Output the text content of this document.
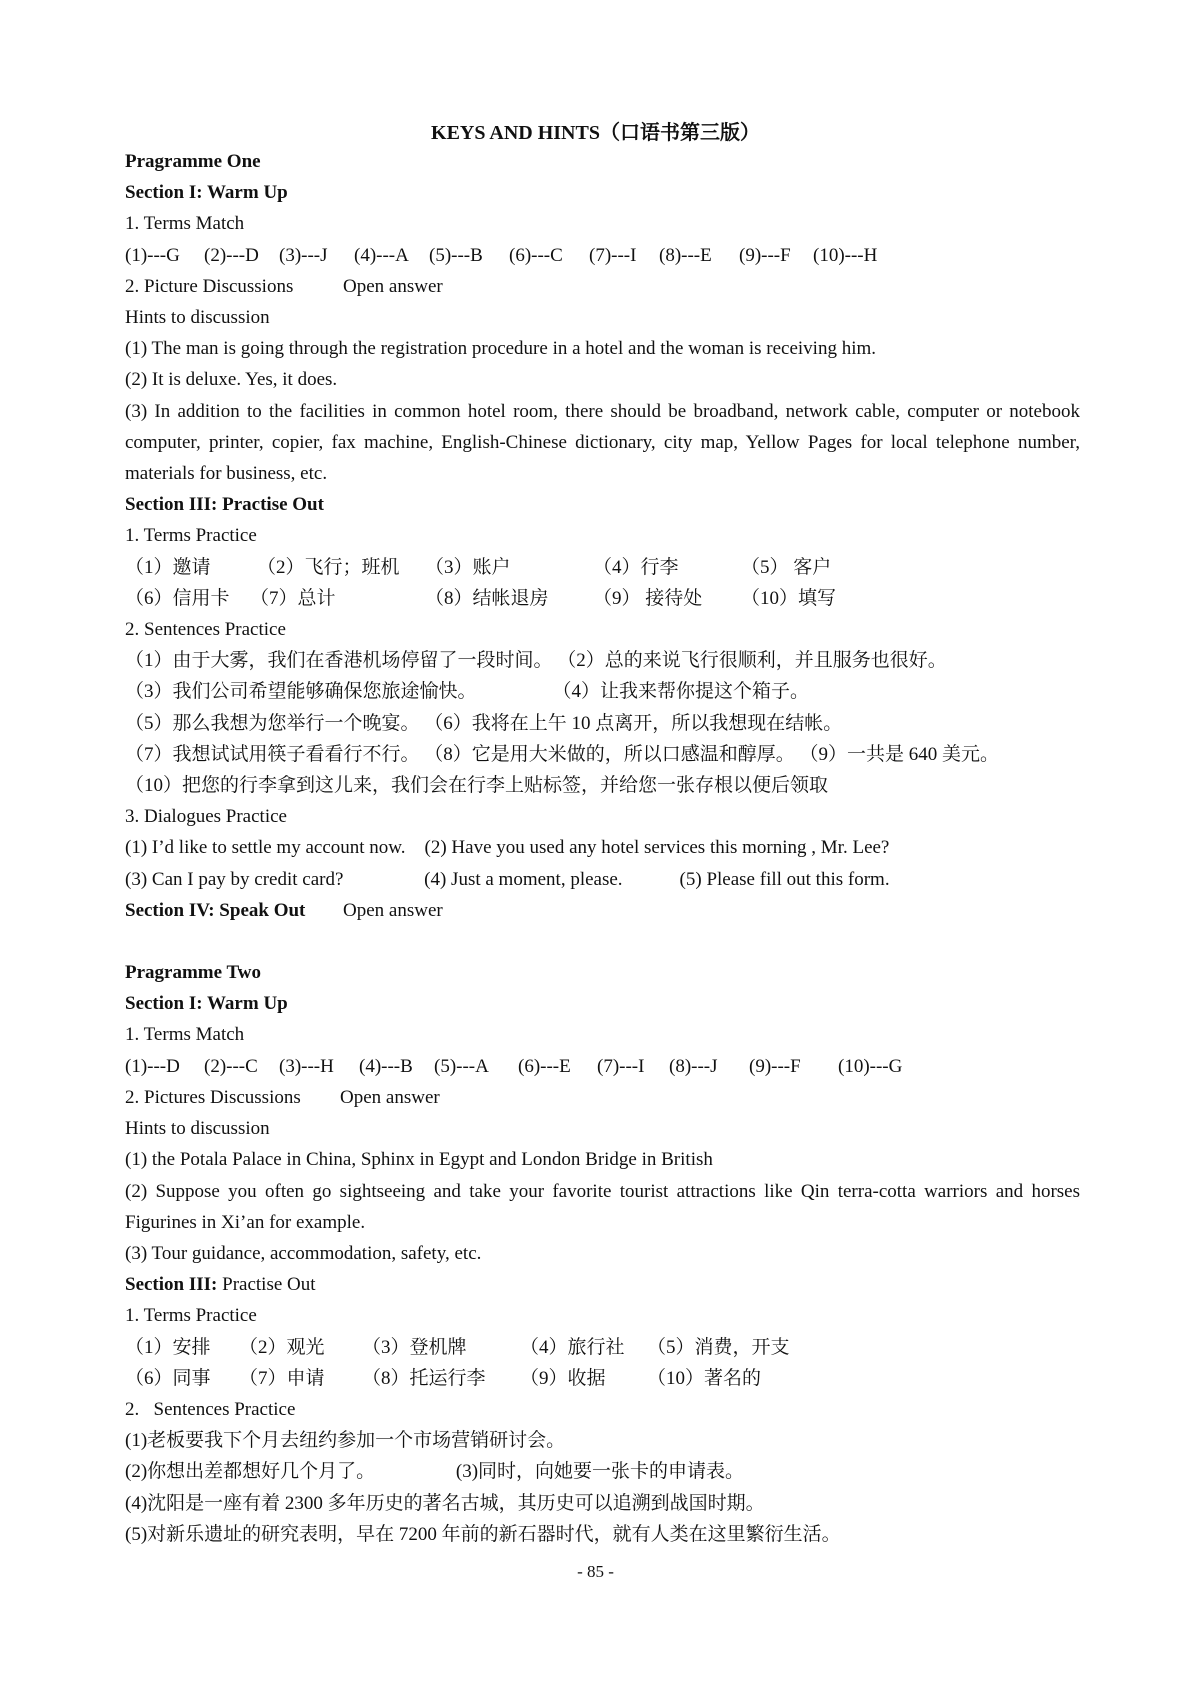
KEYS AND HINTS（口语书第三版）
Pragramme One
Section I: Warm Up
1. Terms Match
(1)---G	(2)---D	(3)---J	(4)---A	(5)---B	(6)---C	(7)---I	(8)---E	(9)---F	(10)---H
2. Picture Discussions	Open answer
Hints to discussion
(1) The man is going through the registration procedure in a hotel and the woman is receiving him.
(2) It is deluxe. Yes, it does.
(3) In addition to the facilities in common hotel room, there should be broadband, network cable, computer or notebook computer, printer, copier, fax machine, English-Chinese dictionary, city map, Yellow Pages for local telephone number, materials for business, etc.
Section III: Practise Out
1. Terms Practice
（1）邀请	（2）飞行；班机	（3）账户	（4）行李	（5） 客户
（6）信用卡	（7）总计	（8）结帐退房	（9） 接待处	（10）填写
2. Sentences Practice
（1）由于大雾，我们在香港机场停留了一段时间。 （2）总的来说飞行很顺利，并且服务也很好。
（3）我们公司希望能够确保您旅途愉快。                （4）让我来帮你提这个箱子。
（5）那么我想为您举行一个晚宴。 （6）我将在上午 10 点离开，所以我想现在结帐。
（7）我想试试用筷子看看行不行。 （8）它是用大米做的，所以口感温和醇厚。 （9）一共是 640 美元。
（10）把您的行李拿到这儿来，我们会在行李上贴标签，并给您一张存根以便后领取
3. Dialogues Practice
(1) I’d like to settle my account now.    (2) Have you used any hotel services this morning , Mr. Lee?
(3) Can I pay by credit card?                 (4) Just a moment, please.            (5) Please fill out this form.
Section IV: Speak Out	Open answer
Pragramme Two
Section I: Warm Up
1. Terms Match
(1)---D	(2)---C	(3)---H	(4)---B	(5)---A	(6)---E	(7)---I	(8)---J	(9)---F	(10)---G
2. Pictures Discussions	Open answer
Hints to discussion
(1) the Potala Palace in China, Sphinx in Egypt and London Bridge in British
(2) Suppose you often go sightseeing and take your favorite tourist attractions like Qin terra-cotta warriors and horses Figurines in Xi’an for example.
(3) Tour guidance, accommodation, safety, etc.
Section III: Practise Out
1. Terms Practice
（1）安排	（2）观光	（3）登机牌	（4）旅行社	（5）消费，开支
（6）同事	（7）申请	（8）托运行李	（9）收据	（10）著名的
2.   Sentences Practice
(1)老板要我下个月去纽约参加一个市场营销研讨会。
(2)你想出差都想好几个月了。                 (3)同时，向她要一张卡的申请表。
(4)沈阳是一座有着 2300 多年历史的著名古城，其历史可以追溯到战国时期。
(5)对新乐遗址的研究表明，早在 7200 年前的新石器时代，就有人类在这里繁衍生活。
- 85 -
